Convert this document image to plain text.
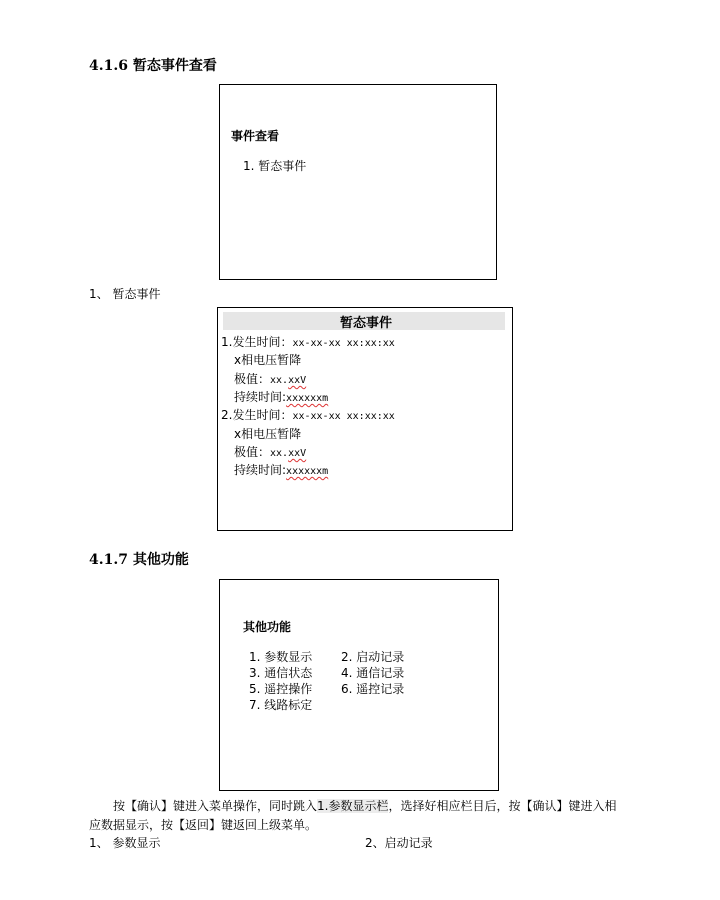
4.1.6 暂态事件查看
事件查看
1. 暂态事件
1、 暂态事件
暂态事件
1.发生时间：xx-xx-xx xx:xx:xx
x相电压暂降
极值：xx.xxV
持续时间:xxxxxxm
2.发生时间：xx-xx-xx xx:xx:xx
x相电压暂降
极值：xx.xxV
持续时间:xxxxxxm
4.1.7 其他功能
其他功能
1. 参数显示 2. 启动记录
3. 通信状态 4. 通信记录
5. 遥控操作 6. 遥控记录
7. 线路标定
按【确认】键进入菜单操作，同时跳入1.参数显示栏，选择好相应栏目后，按【确认】键进入相
应数据显示，按【返回】键返回上级菜单。
1、 参数显示	2、启动记录
